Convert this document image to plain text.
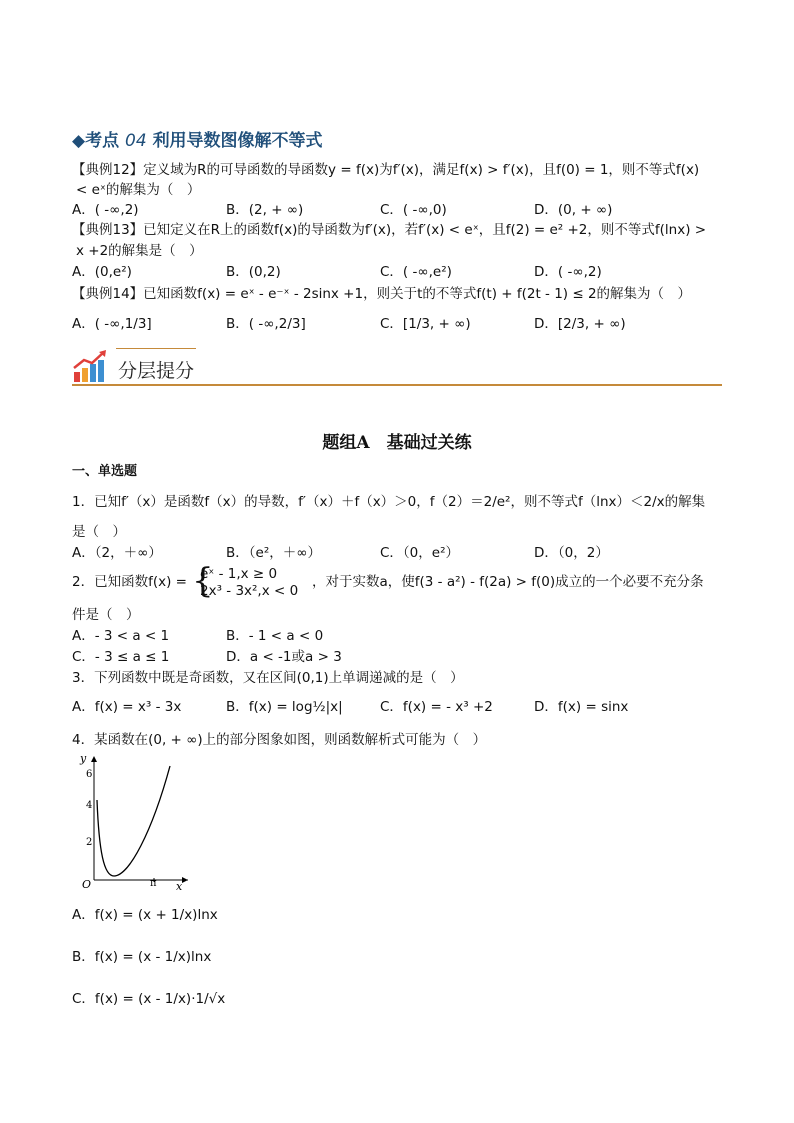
◆考点 04 利用导数图像解不等式
【典例12】定义域为R的可导函数的导函数y = f(x)为f′(x)，满足f(x) > f′(x)，且f(0) = 1，则不等式f(x)
< eˣ的解集为（　）
A．( -∞,2)	B．(2, + ∞)	C．( -∞,0)	D．(0, + ∞)
【典例13】已知定义在R上的函数f(x)的导函数为f′(x)，若f′(x) < eˣ，且f(2) = e² +2，则不等式f(lnx) >
x +2的解集是（　）
A．(0,e²)	B．(0,2)	C．( -∞,e²)	D．( -∞,2)
【典例14】已知函数f(x) = eˣ - e⁻ˣ - 2sinx +1，则关于t的不等式f(t) + f(2t - 1) ≤ 2的解集为（　）
A．( -∞,1/3]	B．( -∞,2/3]	C．[1/3, + ∞)	D．[2/3, + ∞)
分层提分
题组A　基础过关练
一、单选题
1．已知f′（x）是函数f（x）的导数，f′（x）＋f（x）＞0，f（2）＝2/e²，则不等式f（lnx）＜2/x的解集
是（　）
A．（2，＋∞）	B．（e²，＋∞）	C．（0，e²）	D．（0，2）
2．已知函数f(x) = {
eˣ - 1,x ≥ 0
2x³ - 3x²,x < 0
，对于实数a，使f(3 - a²) - f(2a) > f(0)成立的一个必要不充分条
件是（　）
A．- 3 < a < 1	B．- 1 < a < 0
C．- 3 ≤ a ≤ 1	D．a < -1或a > 3
3．下列函数中既是奇函数，又在区间(0,1)上单调递减的是（　）
A．f(x) = x³ - 3x	B．f(x) = log½|x|	C．f(x) = - x³ +2	D．f(x) = sinx
4．某函数在(0, + ∞)上的部分图象如图，则函数解析式可能为（　）
y
x
O
2
4
6
π
A．f(x) = (x + 1/x)lnx
B．f(x) = (x - 1/x)lnx
C．f(x) = (x - 1/x)·1/√x
